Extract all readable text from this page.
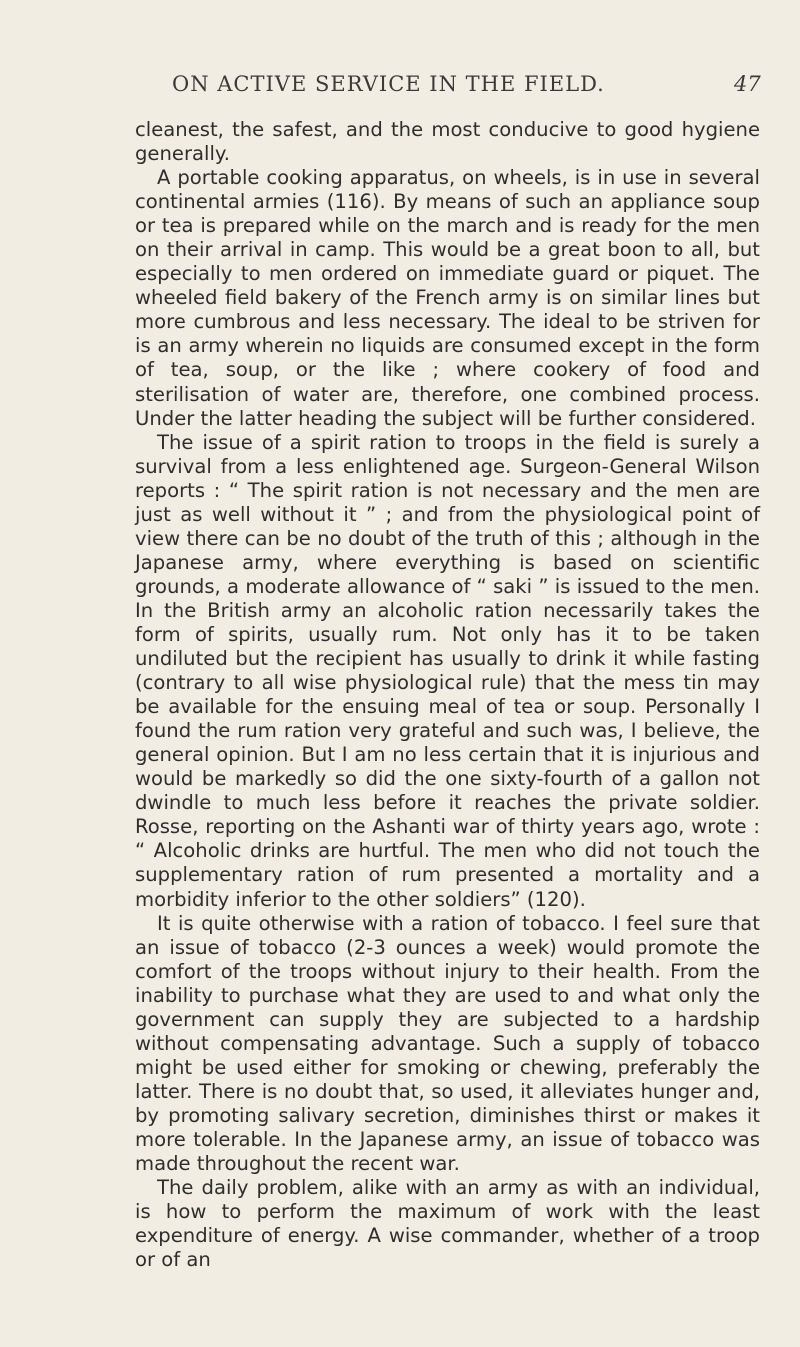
ON ACTIVE SERVICE IN THE FIELD.	47

cleanest, the safest, and the most conducive to good hygiene generally.

A portable cooking apparatus, on wheels, is in use in several continental armies (116). By means of such an appliance soup or tea is prepared while on the march and is ready for the men on their arrival in camp. This would be a great boon to all, but especially to men ordered on immediate guard or piquet. The wheeled field bakery of the French army is on similar lines but more cumbrous and less necessary. The ideal to be striven for is an army wherein no liquids are consumed except in the form of tea, soup, or the like ; where cookery of food and sterilisation of water are, therefore, one combined process. Under the latter heading the subject will be further considered.

The issue of a spirit ration to troops in the field is surely a survival from a less enlightened age. Surgeon-General Wilson reports : “ The spirit ration is not necessary and the men are just as well without it ” ; and from the physiological point of view there can be no doubt of the truth of this ; although in the Japanese army, where everything is based on scientific grounds, a moderate allowance of “ saki ” is issued to the men. In the British army an alcoholic ration necessarily takes the form of spirits, usually rum. Not only has it to be taken undiluted but the recipient has usually to drink it while fasting (contrary to all wise physiological rule) that the mess tin may be available for the ensuing meal of tea or soup. Personally I found the rum ration very grateful and such was, I believe, the general opinion. But I am no less certain that it is injurious and would be markedly so did the one sixty-fourth of a gallon not dwindle to much less before it reaches the private soldier. Rosse, reporting on the Ashanti war of thirty years ago, wrote : “ Alcoholic drinks are hurtful. The men who did not touch the supplementary ration of rum presented a mortality and a morbidity inferior to the other soldiers” (120).

It is quite otherwise with a ration of tobacco. I feel sure that an issue of tobacco (2-3 ounces a week) would promote the comfort of the troops without injury to their health. From the inability to purchase what they are used to and what only the government can supply they are subjected to a hardship without compensating advantage. Such a supply of tobacco might be used either for smoking or chewing, preferably the latter. There is no doubt that, so used, it alleviates hunger and, by promoting salivary secretion, diminishes thirst or makes it more tolerable. In the Japanese army, an issue of tobacco was made throughout the recent war.

The daily problem, alike with an army as with an individual, is how to perform the maximum of work with the least expenditure of energy. A wise commander, whether of a troop or of an
